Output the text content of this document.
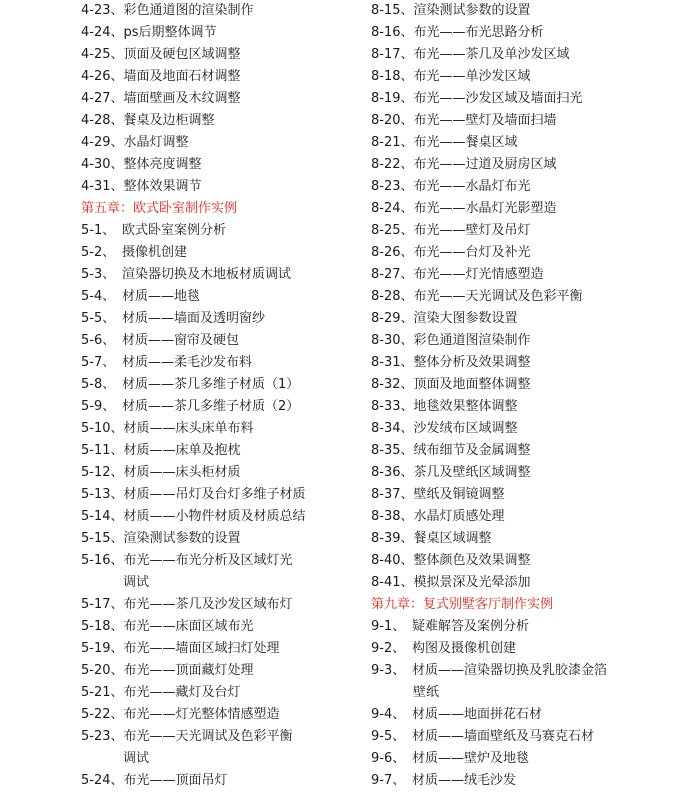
4-23、彩色通道图的渲染制作
4-24、ps后期整体调节
4-25、顶面及硬包区域调整
4-26、墙面及地面石材调整
4-27、墙面壁画及木纹调整
4-28、餐桌及边柜调整
4-29、水晶灯调整
4-30、整体亮度调整
4-31、整体效果调节
第五章：欧式卧室制作实例
5-1、 欧式卧室案例分析
5-2、 摄像机创建
5-3、 渲染器切换及木地板材质调试
5-4、 材质——地毯
5-5、 材质——墙面及透明窗纱
5-6、 材质——窗帘及硬包
5-7、 材质——柔毛沙发布料
5-8、 材质——茶几多维子材质（1）
5-9、 材质——茶几多维子材质（2）
5-10、材质——床头床单布料
5-11、材质——床单及抱枕
5-12、材质——床头柜材质
5-13、材质——吊灯及台灯多维子材质
5-14、材质——小物件材质及材质总结
5-15、渲染测试参数的设置
5-16、布光——布光分析及区域灯光
调试
5-17、布光——茶几及沙发区域布灯
5-18、布光——床面区域布光
5-19、布光——墙面区域扫灯处理
5-20、布光——顶面藏灯处理
5-21、布光——藏灯及台灯
5-22、布光——灯光整体情感塑造
5-23、布光——天光调试及色彩平衡
调试
5-24、布光——顶面吊灯
8-15、渲染测试参数的设置
8-16、布光——布光思路分析
8-17、布光——茶几及单沙发区域
8-18、布光——单沙发区域
8-19、布光——沙发区域及墙面扫光
8-20、布光——壁灯及墙面扫墙
8-21、布光——餐桌区域
8-22、布光——过道及厨房区域
8-23、布光——水晶灯布光
8-24、布光——水晶灯光影塑造
8-25、布光——壁灯及吊灯
8-26、布光——台灯及补光
8-27、布光——灯光情感塑造
8-28、布光——天光调试及色彩平衡
8-29、渲染大图参数设置
8-30、彩色通道图渲染制作
8-31、整体分析及效果调整
8-32、顶面及地面整体调整
8-33、地毯效果整体调整
8-34、沙发绒布区域调整
8-35、绒布细节及金属调整
8-36、茶几及壁纸区域调整
8-37、壁纸及铜镜调整
8-38、水晶灯质感处理
8-39、餐桌区域调整
8-40、整体颜色及效果调整
8-41、模拟景深及光晕添加
第九章：复式别墅客厅制作实例
9-1、 疑难解答及案例分析
9-2、 构图及摄像机创建
9-3、 材质——渲染器切换及乳胶漆金箔
壁纸
9-4、 材质——地面拼花石材
9-5、 材质——墙面壁纸及马赛克石材
9-6、 材质——壁炉及地毯
9-7、 材质——绒毛沙发
